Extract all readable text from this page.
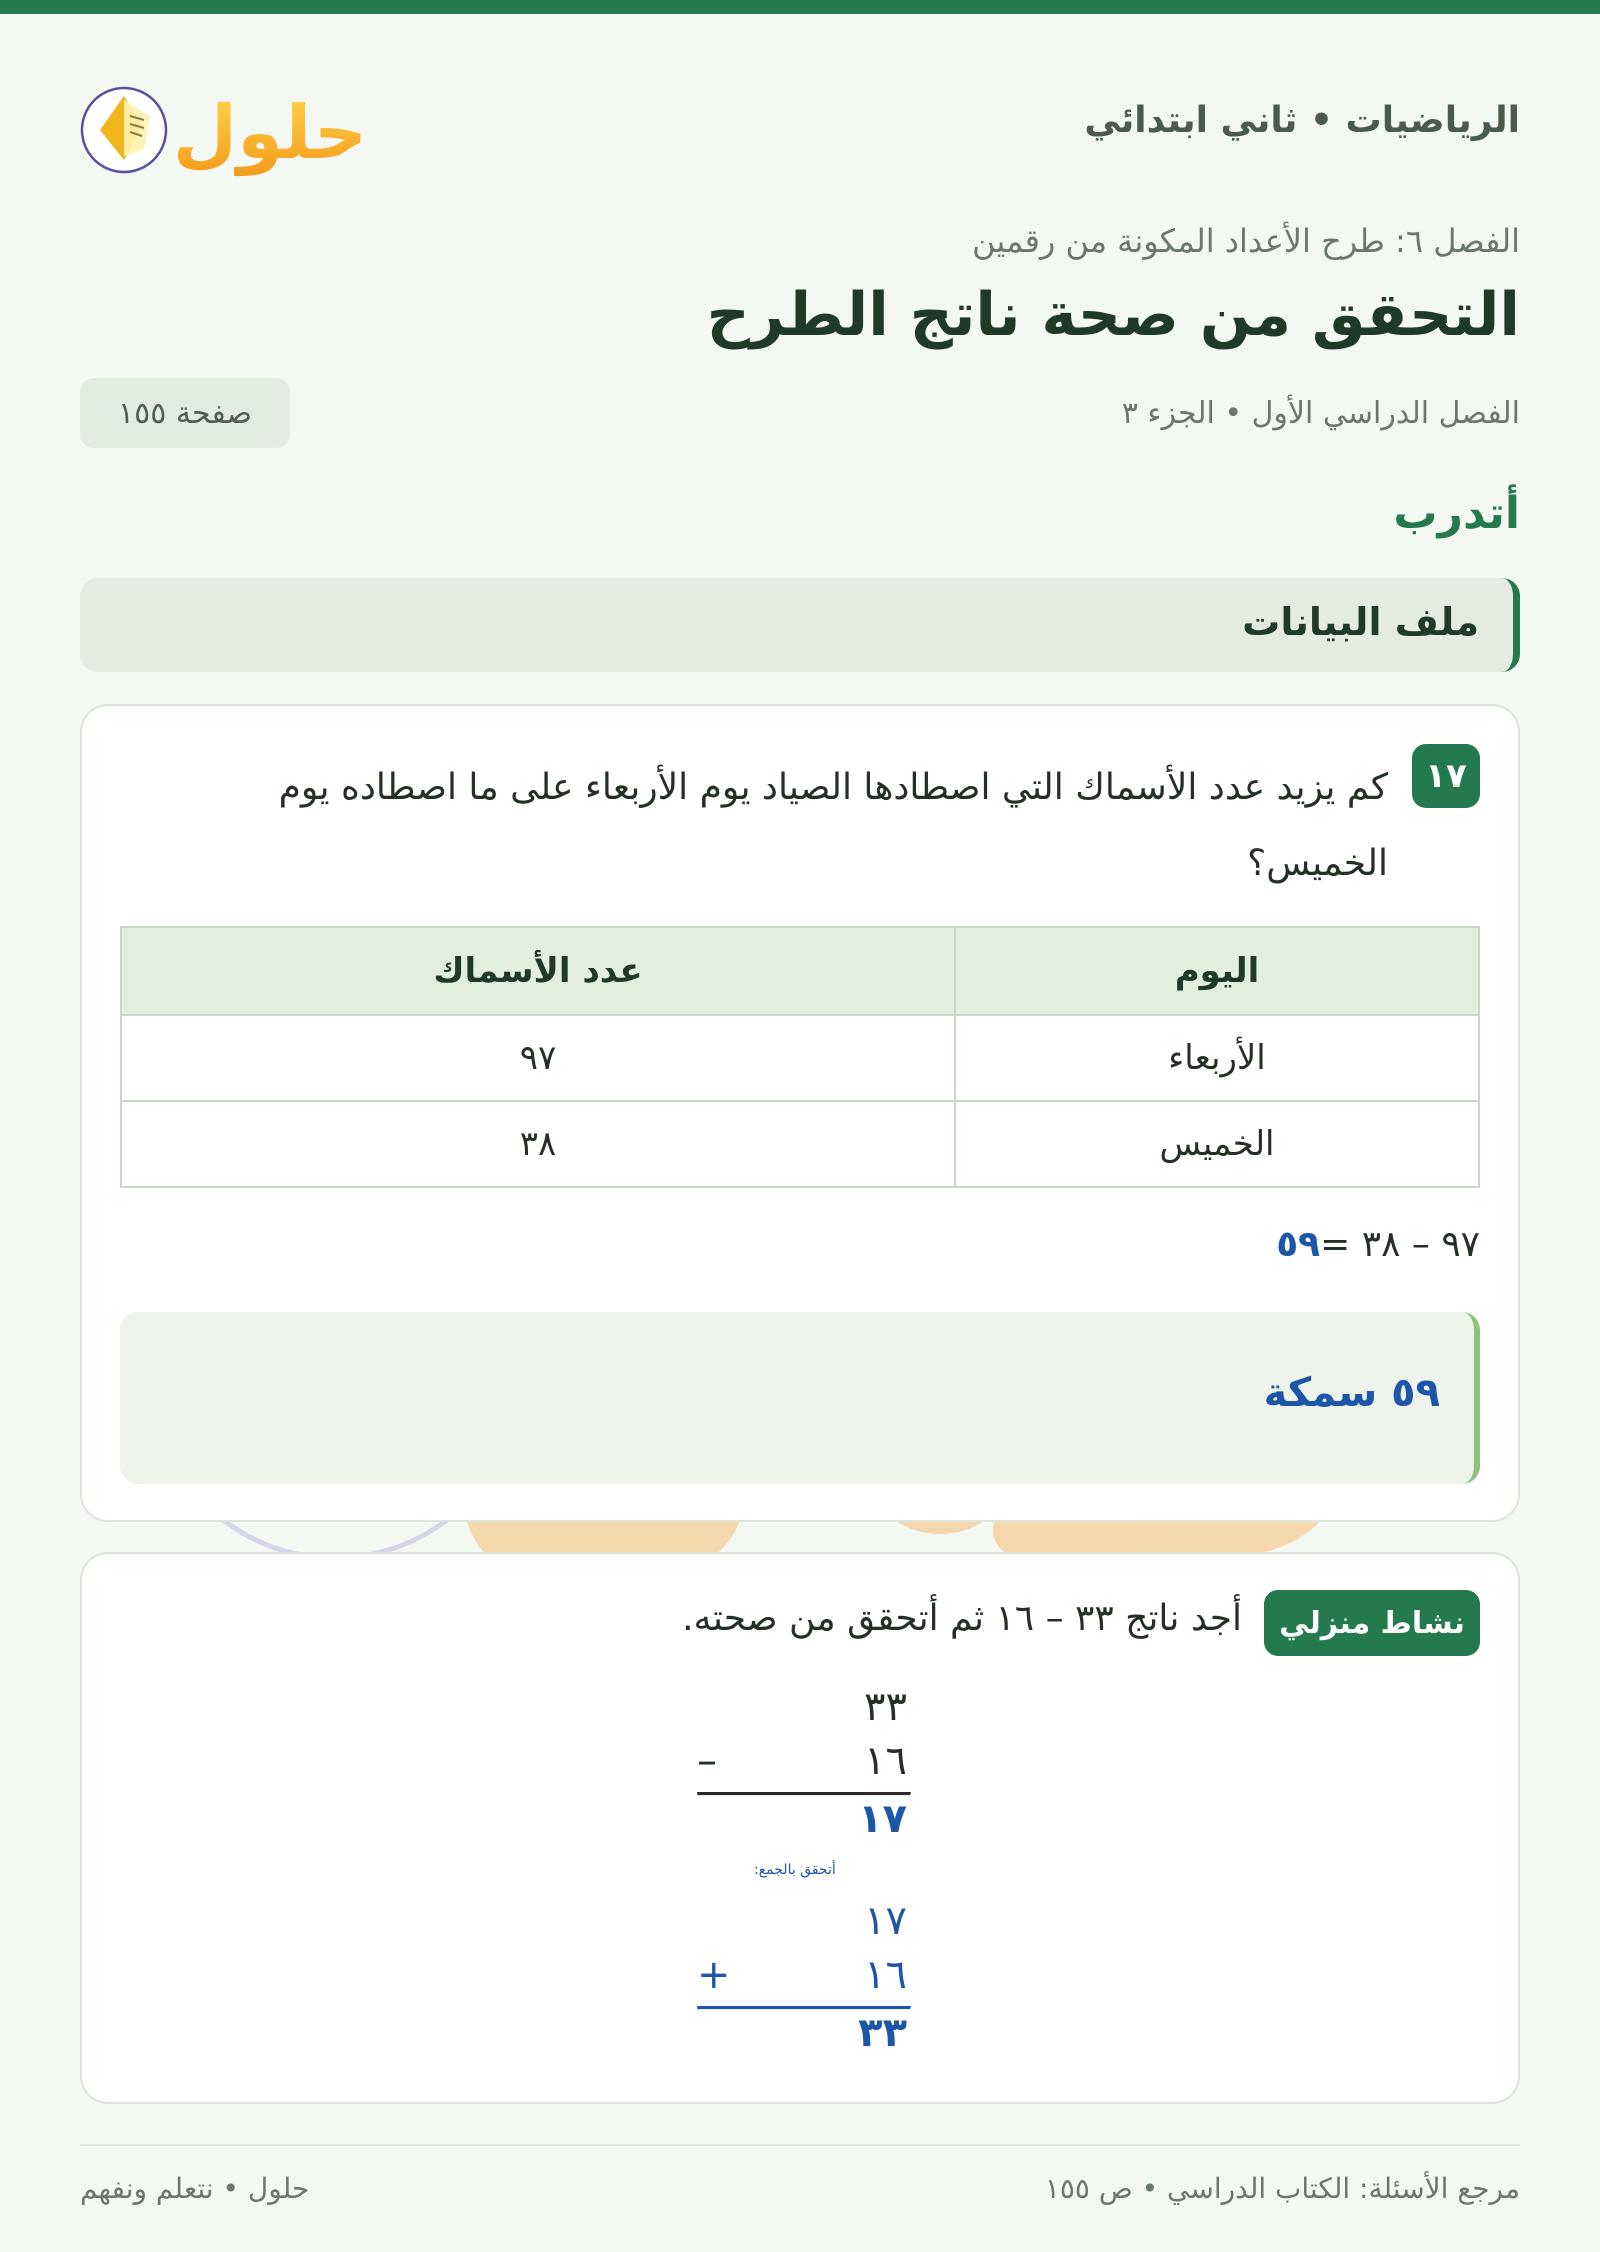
الرياضيات • ثاني ابتدائي
حلول
الفصل ٦: طرح الأعداد المكونة من رقمين
التحقق من صحة ناتج الطرح
الفصل الدراسي الأول • الجزء ٣
صفحة ١٥٥
أتدرب
ملف البيانات
١٧

كم يزيد عدد الأسماك التي اصطادها الصياد يوم الأربعاء على ما اصطاده يوم الخميس؟

اليوم	عدد الأسماك
الأربعاء	٩٧
الخميس	٣٨
٩٧ – ٣٨ =٥٩
٥٩ سمكة
نشاط منزلي
أجد ناتج ٣٣ – ١٦ ثم أتحقق من صحته.
٣٣
–	١٦
١٧
أتحقق بالجمع:
١٧
+	١٦
٣٣
مرجع الأسئلة: الكتاب الدراسي • ص ١٥٥
حلول • نتعلم ونفهم
